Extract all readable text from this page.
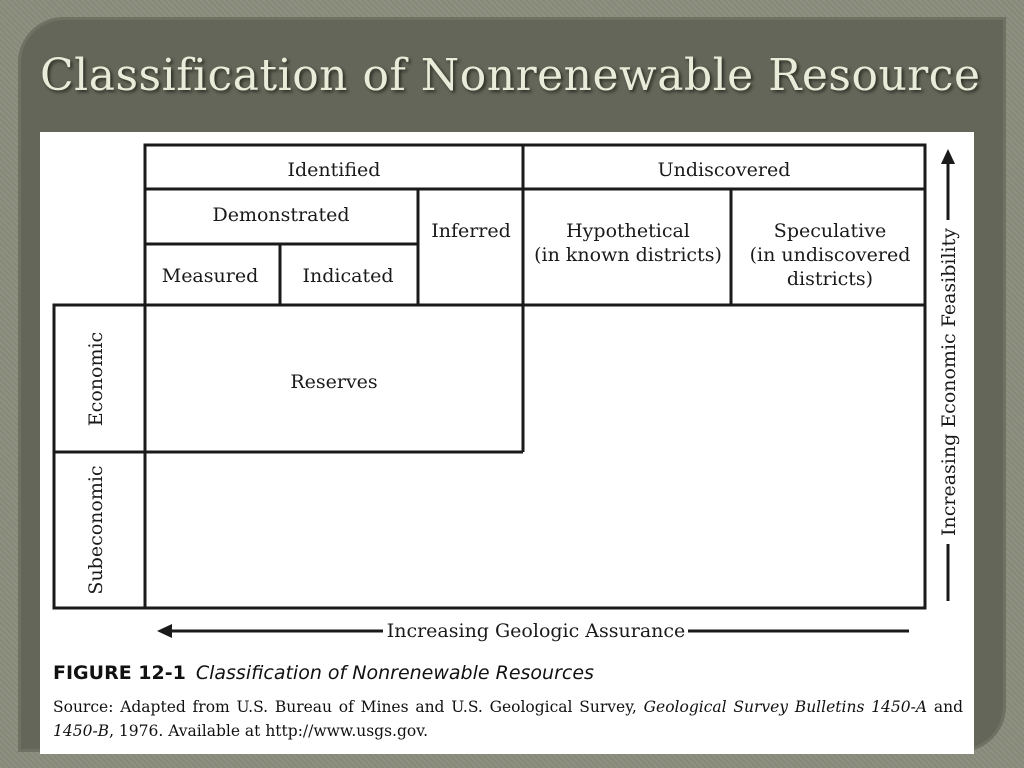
Classification of Nonrenewable Resource
Identified	Undiscovered
Demonstrated
Inferred
Measured Indicated
Hypothetical
(in known districts)
Speculative
(in undiscovered
districts)
Economic
Subeconomic
Reserves
Increasing Geologic Assurance
Increasing Economic Feasibility
FIGURE 12-1 Classification of Nonrenewable Resources
Source: Adapted from U.S. Bureau of Mines and U.S. Geological Survey, Geological Survey Bulletins 1450-A and 1450-B, 1976. Available at http://www.usgs.gov.
